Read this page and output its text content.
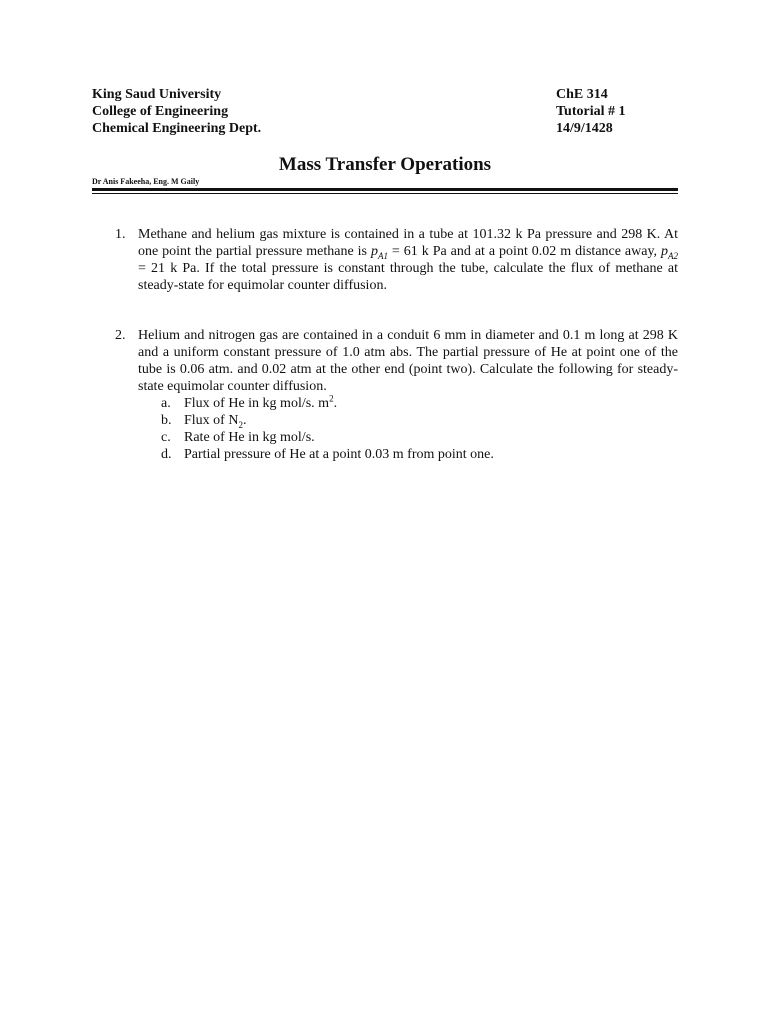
King Saud University
College of Engineering
Chemical Engineering Dept.
ChE 314
Tutorial # 1
14/9/1428
Mass Transfer Operations
Dr Anis Fakeeha, Eng. M Gaily
1. Methane and helium gas mixture is contained in a tube at 101.32 k Pa pressure and 298 K. At one point the partial pressure methane is $p_{A1} = 61$ k Pa and at a point 0.02 m distance away, $p_{A2} = 21$ k Pa. If the total pressure is constant through the tube, calculate the flux of methane at steady-state for equimolar counter diffusion.
2. Helium and nitrogen gas are contained in a conduit 6 mm in diameter and 0.1 m long at 298 K and a uniform constant pressure of 1.0 atm abs. The partial pressure of He at point one of the tube is 0.06 atm. and 0.02 atm at the other end (point two). Calculate the following for steady-state equimolar counter diffusion.
a. Flux of He in kg mol/s. $m^2$.
b. Flux of $N_2$.
c. Rate of He in kg mol/s.
d. Partial pressure of He at a point 0.03 m from point one.
